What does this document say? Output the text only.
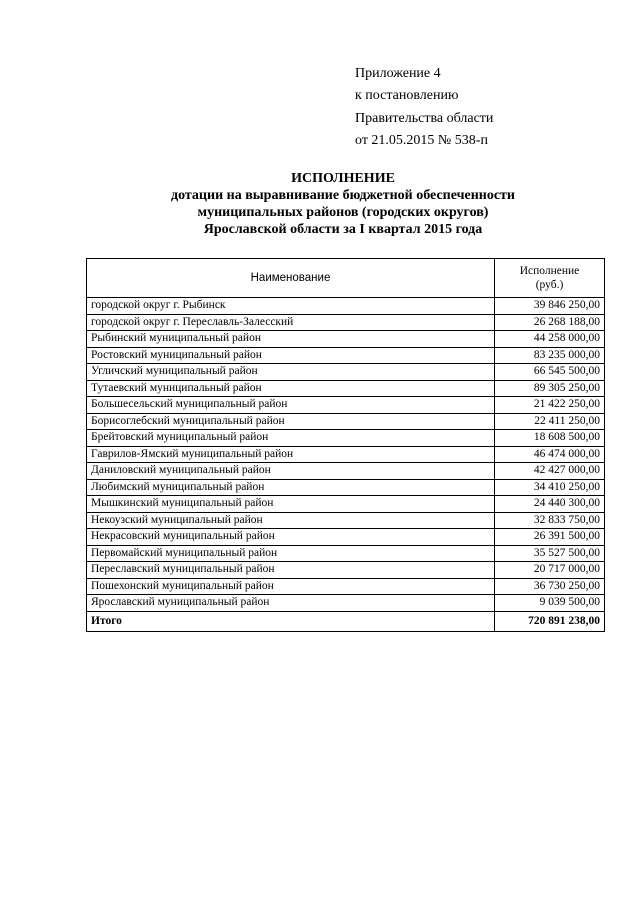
Приложение 4
к постановлению
Правительства области
от 21.05.2015 № 538-п
ИСПОЛНЕНИЕ
дотации на выравнивание бюджетной обеспеченности
муниципальных районов (городских округов)
Ярославской области за I квартал 2015 года
Наименование	Исполнение
(руб.)

городской округ г. Рыбинск	39 846 250,00
городской округ г. Переславль-Залесский	26 268 188,00
Рыбинский муниципальный район	44 258 000,00
Ростовский муниципальный район	83 235 000,00
Угличский муниципальный район	66 545 500,00
Тутаевский муниципальный район	89 305 250,00
Большесельский муниципальный район	21 422 250,00
Борисоглебский муниципальный район	22 411 250,00
Брейтовский муниципальный район	18 608 500,00
Гаврилов-Ямский муниципальный район	46 474 000,00
Даниловский муниципальный район	42 427 000,00
Любимский муниципальный район	34 410 250,00
Мышкинский муниципальный район	24 440 300,00
Некоузский муниципальный район	32 833 750,00
Некрасовский муниципальный район	26 391 500,00
Первомайский муниципальный район	35 527 500,00
Переславский муниципальный район	20 717 000,00
Пошехонский муниципальный район	36 730 250,00
Ярославский муниципальный район	9 039 500,00
Итого	720 891 238,00
